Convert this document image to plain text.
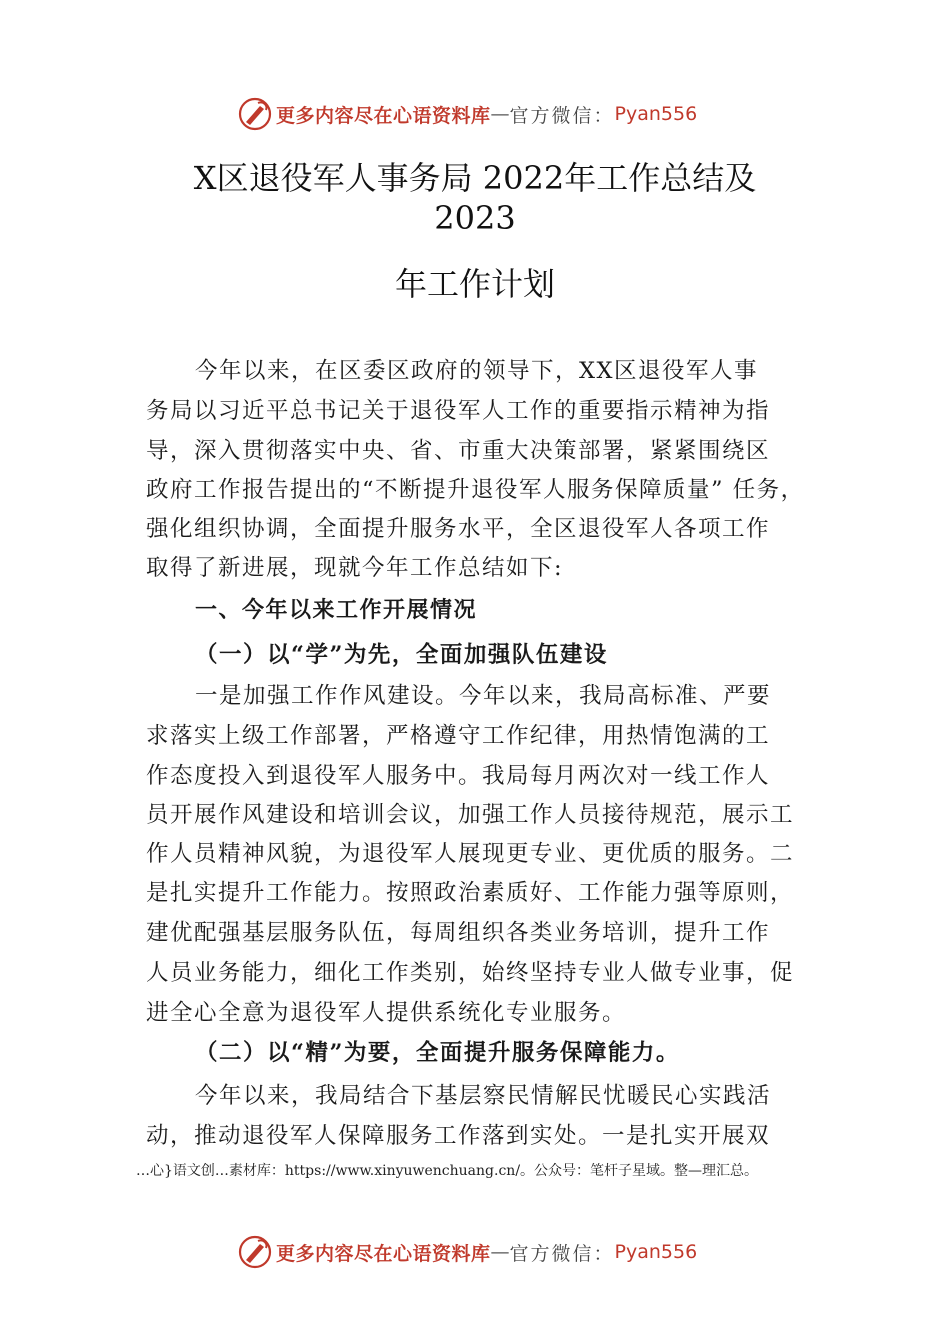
更多内容尽在心语资料库 — 官方微信： Pyan556
X区退役军人事务局 2022年工作总结及
2023
年工作计划
今年以来，在区委区政府的领导下，XX区退役军人事
务局以习近平总书记关于退役军人工作的重要指示精神为指
导，深入贯彻落实中央、省、市重大决策部署，紧紧围绕区
政府工作报告提出的“不断提升退役军人服务保障质量” 任务，
强化组织协调，全面提升服务水平，全区退役军人各项工作
取得了新进展，现就今年工作总结如下:
一、今年以来工作开展情况
（一）以“学”为先，全面加强队伍建设
一是加强工作作风建设。今年以来，我局高标准、严要
求落实上级工作部署，严格遵守工作纪律，用热情饱满的工
作态度投入到退役军人服务中。我局每月两次对一线工作人
员开展作风建设和培训会议，加强工作人员接待规范，展示工
作人员精神风貌，为退役军人展现更专业、更优质的服务。二
是扎实提升工作能力。按照政治素质好、工作能力强等原则，
建优配强基层服务队伍，每周组织各类业务培训，提升工作
人员业务能力，细化工作类别，始终坚持专业人做专业事，促
进全心全意为退役军人提供系统化专业服务。
（二）以“精”为要，全面提升服务保障能力。
今年以来，我局结合下基层察民情解民忧暖民心实践活
动，推动退役军人保障服务工作落到实处。一是扎实开展双
…心}语文创…素材库：https://www.xinyuwenchuang.cn/。公众号：笔杆子星域。整—理汇总。
更多内容尽在心语资料库 — 官方微信： Pyan556
